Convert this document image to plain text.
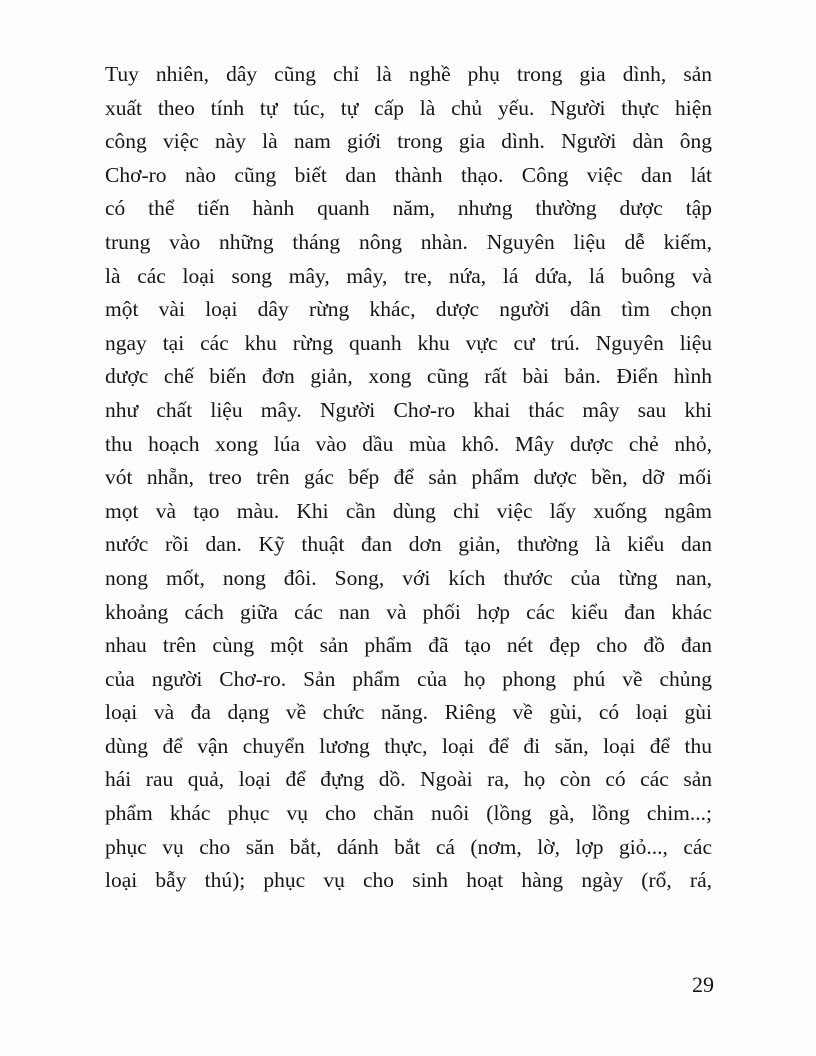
Tuy nhiên, dây cũng chỉ là nghề phụ trong gia dình, sản
xuất theo tính tự túc, tự cấp là chủ yếu. Người thực hiện
công việc này là nam giới trong gia dình. Người dàn ông
Chơ-ro nào cũng biết dan thành thạo. Công việc dan lát
có thể tiến hành quanh năm, nhưng thường dược tập
trung vào những tháng nông nhàn. Nguyên liệu dễ kiếm,
là các loại song mây, mây, tre, nứa, lá dứa, lá buông và
một vài loại dây rừng khác, dược người dân tìm chọn
ngay tại các khu rừng quanh khu vực cư trú. Nguyên liệu
dược chế biến đơn giản, xong cũng rất bài bản. Điển hình
như chất liệu mây. Người Chơ-ro khai thác mây sau khi
thu hoạch xong lúa vào dầu mùa khô. Mây dược chẻ nhỏ,
vót nhẵn, treo trên gác bếp để sản phẩm dược bền, dỡ mối
mọt và tạo màu. Khi cần dùng chỉ việc lấy xuống ngâm
nước rồi dan. Kỹ thuật đan dơn giản, thường là kiểu dan
nong mốt, nong đôi. Song, với kích thước của từng nan,
khoảng cách giữa các nan và phối hợp các kiểu đan khác
nhau trên cùng một sản phẩm đã tạo nét đẹp cho đồ đan
của người Chơ-ro. Sản phẩm của họ phong phú về chủng
loại và đa dạng về chức năng. Riêng về gùi, có loại gùi
dùng để vận chuyển lương thực, loại để đi săn, loại để thu
hái rau quả, loại để đựng dồ. Ngoài ra, họ còn có các sản
phẩm khác phục vụ cho chăn nuôi (lồng gà, lồng chim...;
phục vụ cho săn bắt, dánh bắt cá (nơm, lờ, lợp giỏ..., các
loại bẫy thú); phục vụ cho sinh hoạt hàng ngày (rổ, rá,
29
